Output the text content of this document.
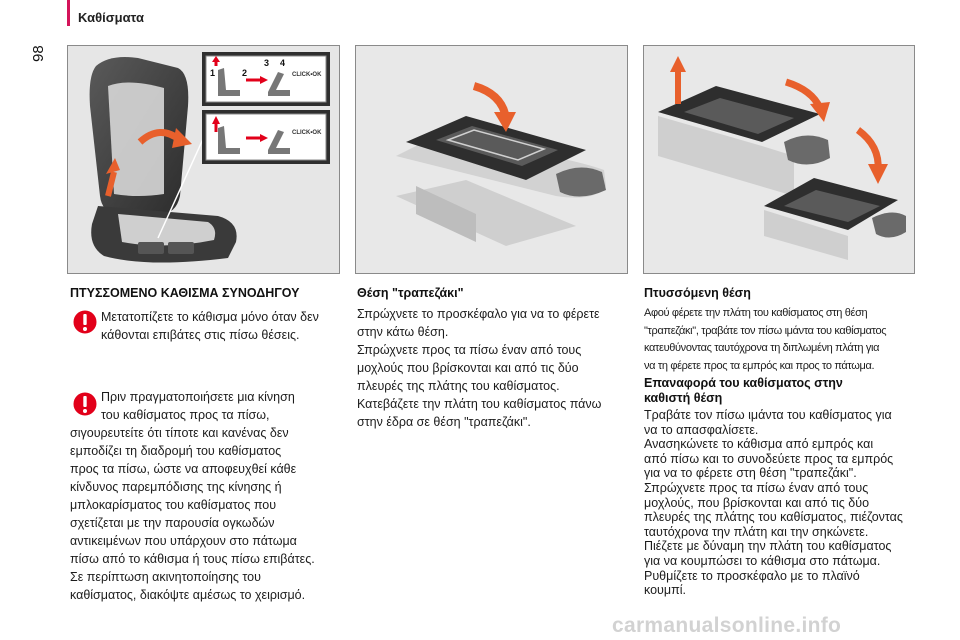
98
Καθίσματα
1	2
3 4
CLICK•OK
CLICK•OK
ΠΤΥΣΣΟΜΕΝΟ ΚΑΘΙΣΜΑ ΣΥΝΟΔΗΓΟΥ
Μετατοπίζετε το κάθισμα μόνο όταν δεν
κάθονται επιβάτες στις πίσω θέσεις.
Πριν πραγματοποιήσετε μια κίνηση
του καθίσματος προς τα πίσω,
σιγουρευτείτε ότι τίποτε και κανένας δεν
εμποδίζει τη διαδρομή του καθίσματος
προς τα πίσω, ώστε να αποφευχθεί κάθε
κίνδυνος παρεμπόδισης της κίνησης ή
μπλοκαρίσματος του καθίσματος που
σχετίζεται με την παρουσία ογκωδών
αντικειμένων που υπάρχουν στο πάτωμα
πίσω από το κάθισμα ή τους πίσω επιβάτες.
Σε περίπτωση ακινητοποίησης του
καθίσματος, διακόψτε αμέσως το χειρισμό.
Θέση "τραπεζάκι"
Σπρώχνετε το προσκέφαλο για να το φέρετε
στην κάτω θέση.
Σπρώχνετε προς τα πίσω έναν από τους
μοχλούς που βρίσκονται και από τις δύο
πλευρές της πλάτης του καθίσματος.
Κατεβάζετε την πλάτη του καθίσματος πάνω
στην έδρα σε θέση "τραπεζάκι".
Πτυσσόμενη θέση
Αφού φέρετε την πλάτη του καθίσματος στη θέση
"τραπεζάκι", τραβάτε τον πίσω ιμάντα του καθίσματος
κατευθύνοντας ταυτόχρονα τη διπλωμένη πλάτη για
να τη φέρετε προς τα εμπρός και προς το πάτωμα.
Επαναφορά του καθίσματος στην
καθιστή θέση
Τραβάτε τον πίσω ιμάντα του καθίσματος για
να το απασφαλίσετε.
Ανασηκώνετε το κάθισμα από εμπρός και
από πίσω και το συνοδεύετε προς τα εμπρός
για να το φέρετε στη θέση "τραπεζάκι".
Σπρώχνετε προς τα πίσω έναν από τους
μοχλούς, που βρίσκονται και από τις δύο
πλευρές της πλάτης του καθίσματος, πιέζοντας
ταυτόχρονα την πλάτη και την σηκώνετε.
Πιέζετε με δύναμη την πλάτη του καθίσματος
για να κουμπώσει το κάθισμα στο πάτωμα.
Ρυθμίζετε το προσκέφαλο με το πλαϊνό
κουμπί.
carmanualsonline.info
